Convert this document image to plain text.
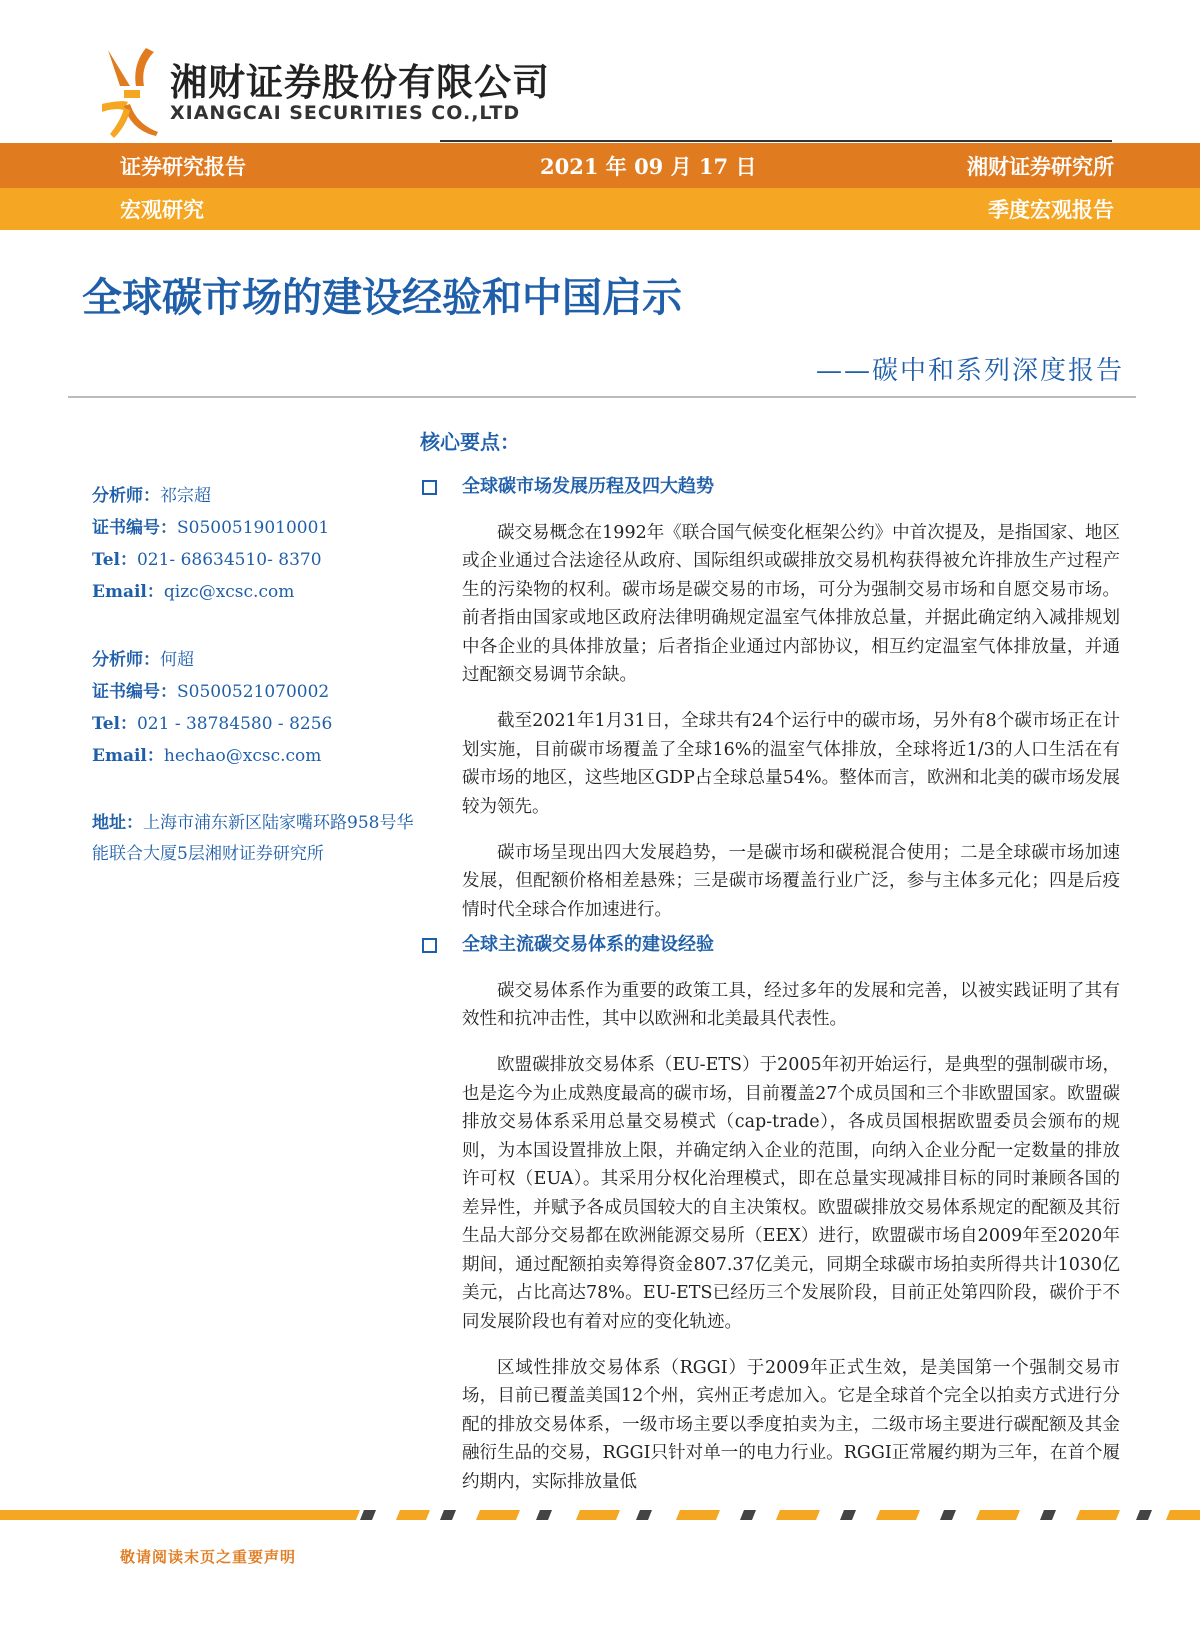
湘财证券股份有限公司
XIANGCAI SECURITIES CO.,LTD
证券研究报告	2021 年 09 月 17 日	湘财证券研究所
宏观研究	季度宏观报告
全球碳市场的建设经验和中国启示
——碳中和系列深度报告
分析师：祁宗超
证书编号：S0500519010001
Tel：021- 68634510- 8370
Email：qizc@xcsc.com
分析师：何超
证书编号：S0500521070002
Tel：021 - 38784580 - 8256
Email：hechao@xcsc.com
地址：上海市浦东新区陆家嘴环路958号华能联合大厦5层湘财证券研究所
核心要点：
全球碳市场发展历程及四大趋势

碳交易概念在1992年《联合国气候变化框架公约》中首次提及，是指国家、地区或企业通过合法途径从政府、国际组织或碳排放交易机构获得被允许排放生产过程产生的污染物的权利。碳市场是碳交易的市场，可分为强制交易市场和自愿交易市场。前者指由国家或地区政府法律明确规定温室气体排放总量，并据此确定纳入减排规划中各企业的具体排放量；后者指企业通过内部协议，相互约定温室气体排放量，并通过配额交易调节余缺。

截至2021年1月31日，全球共有24个运行中的碳市场，另外有8个碳市场正在计划实施，目前碳市场覆盖了全球16%的温室气体排放，全球将近1/3的人口生活在有碳市场的地区，这些地区GDP占全球总量54%。整体而言，欧洲和北美的碳市场发展较为领先。

碳市场呈现出四大发展趋势，一是碳市场和碳税混合使用；二是全球碳市场加速发展，但配额价格相差悬殊；三是碳市场覆盖行业广泛，参与主体多元化；四是后疫情时代全球合作加速进行。

全球主流碳交易体系的建设经验

碳交易体系作为重要的政策工具，经过多年的发展和完善，以被实践证明了其有效性和抗冲击性，其中以欧洲和北美最具代表性。

欧盟碳排放交易体系（EU-ETS）于2005年初开始运行，是典型的强制碳市场，也是迄今为止成熟度最高的碳市场，目前覆盖27个成员国和三个非欧盟国家。欧盟碳排放交易体系采用总量交易模式（cap-trade），各成员国根据欧盟委员会颁布的规则，为本国设置排放上限，并确定纳入企业的范围，向纳入企业分配一定数量的排放许可权（EUA）。其采用分权化治理模式，即在总量实现减排目标的同时兼顾各国的差异性，并赋予各成员国较大的自主决策权。欧盟碳排放交易体系规定的配额及其衍生品大部分交易都在欧洲能源交易所（EEX）进行，欧盟碳市场自2009年至2020年期间，通过配额拍卖筹得资金807.37亿美元，同期全球碳市场拍卖所得共计1030亿美元，占比高达78%。EU-ETS已经历三个发展阶段，目前正处第四阶段，碳价于不同发展阶段也有着对应的变化轨迹。

区域性排放交易体系（RGGI）于2009年正式生效，是美国第一个强制交易市场，目前已覆盖美国12个州，宾州正考虑加入。它是全球首个完全以拍卖方式进行分配的排放交易体系，一级市场主要以季度拍卖为主，二级市场主要进行碳配额及其金融衍生品的交易，RGGI只针对单一的电力行业。RGGI正常履约期为三年，在首个履约期内，实际排放量低

敬请阅读末页之重要声明
